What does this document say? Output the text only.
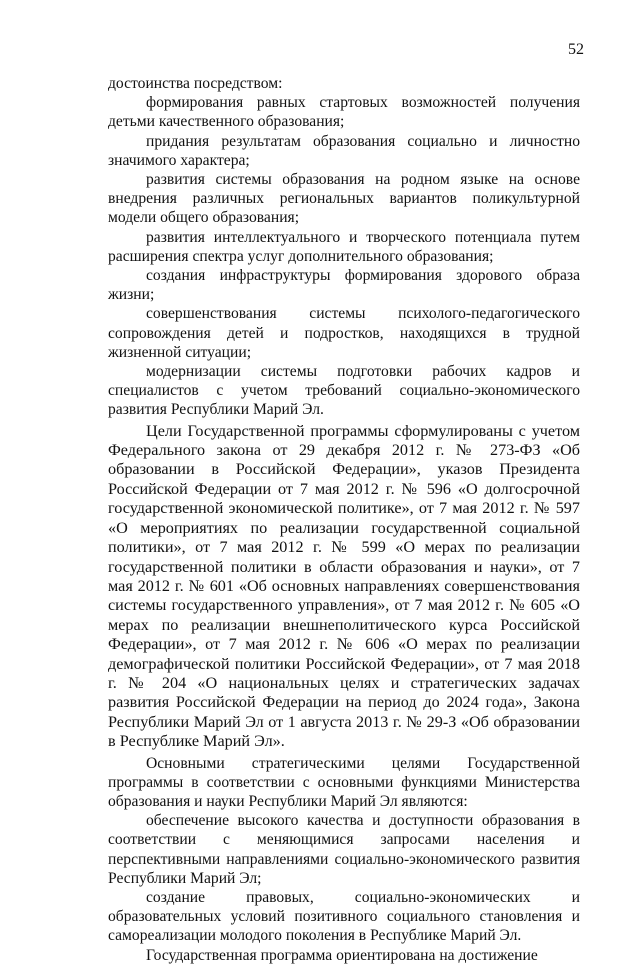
52

достоинства посредством:

формирования равных стартовых возможностей получения детьми качественного образования;

придания результатам образования социально и личностно значимого характера;

развития системы образования на родном языке на основе внедрения различных региональных вариантов поликультурной модели общего образования;

развития интеллектуального и творческого потенциала путем расширения спектра услуг дополнительного образования;

создания инфраструктуры формирования здорового образа жизни;

совершенствования системы психолого-педагогического сопровождения детей и подростков, находящихся в трудной жизненной ситуации;

модернизации системы подготовки рабочих кадров и специалистов с учетом требований социально-экономического развития Республики Марий Эл.

Цели Государственной программы сформулированы с учетом Федерального закона от 29 декабря 2012 г. № 273-ФЗ «Об образовании в Российской Федерации», указов Президента Российской Федерации от 7 мая 2012 г. № 596 «О долгосрочной государственной экономической политике», от 7 мая 2012 г. № 597 «О мероприятиях по реализации государственной социальной политики», от 7 мая 2012 г. № 599 «О мерах по реализации государственной политики в области образования и науки», от 7 мая 2012 г. № 601 «Об основных направлениях совершенствования системы государственного управления», от 7 мая 2012 г. № 605 «О мерах по реализации внешнеполитического курса Российской Федерации», от 7 мая 2012 г. № 606 «О мерах по реализации демографической политики Российской Федерации», от 7 мая 2018 г. № 204 «О национальных целях и стратегических задачах развития Российской Федерации на период до 2024 года», Закона Республики Марий Эл от 1 августа 2013 г. № 29-З «Об образовании в Республике Марий Эл».

Основными стратегическими целями Государственной программы в соответствии с основными функциями Министерства образования и науки Республики Марий Эл являются:

обеспечение высокого качества и доступности образования в соответствии с меняющимися запросами населения и перспективными направлениями социально-экономического развития Республики Марий Эл;

создание правовых, социально-экономических и образовательных условий позитивного социального становления и самореализации молодого поколения в Республике Марий Эл.

Государственная программа ориентирована на достижение
